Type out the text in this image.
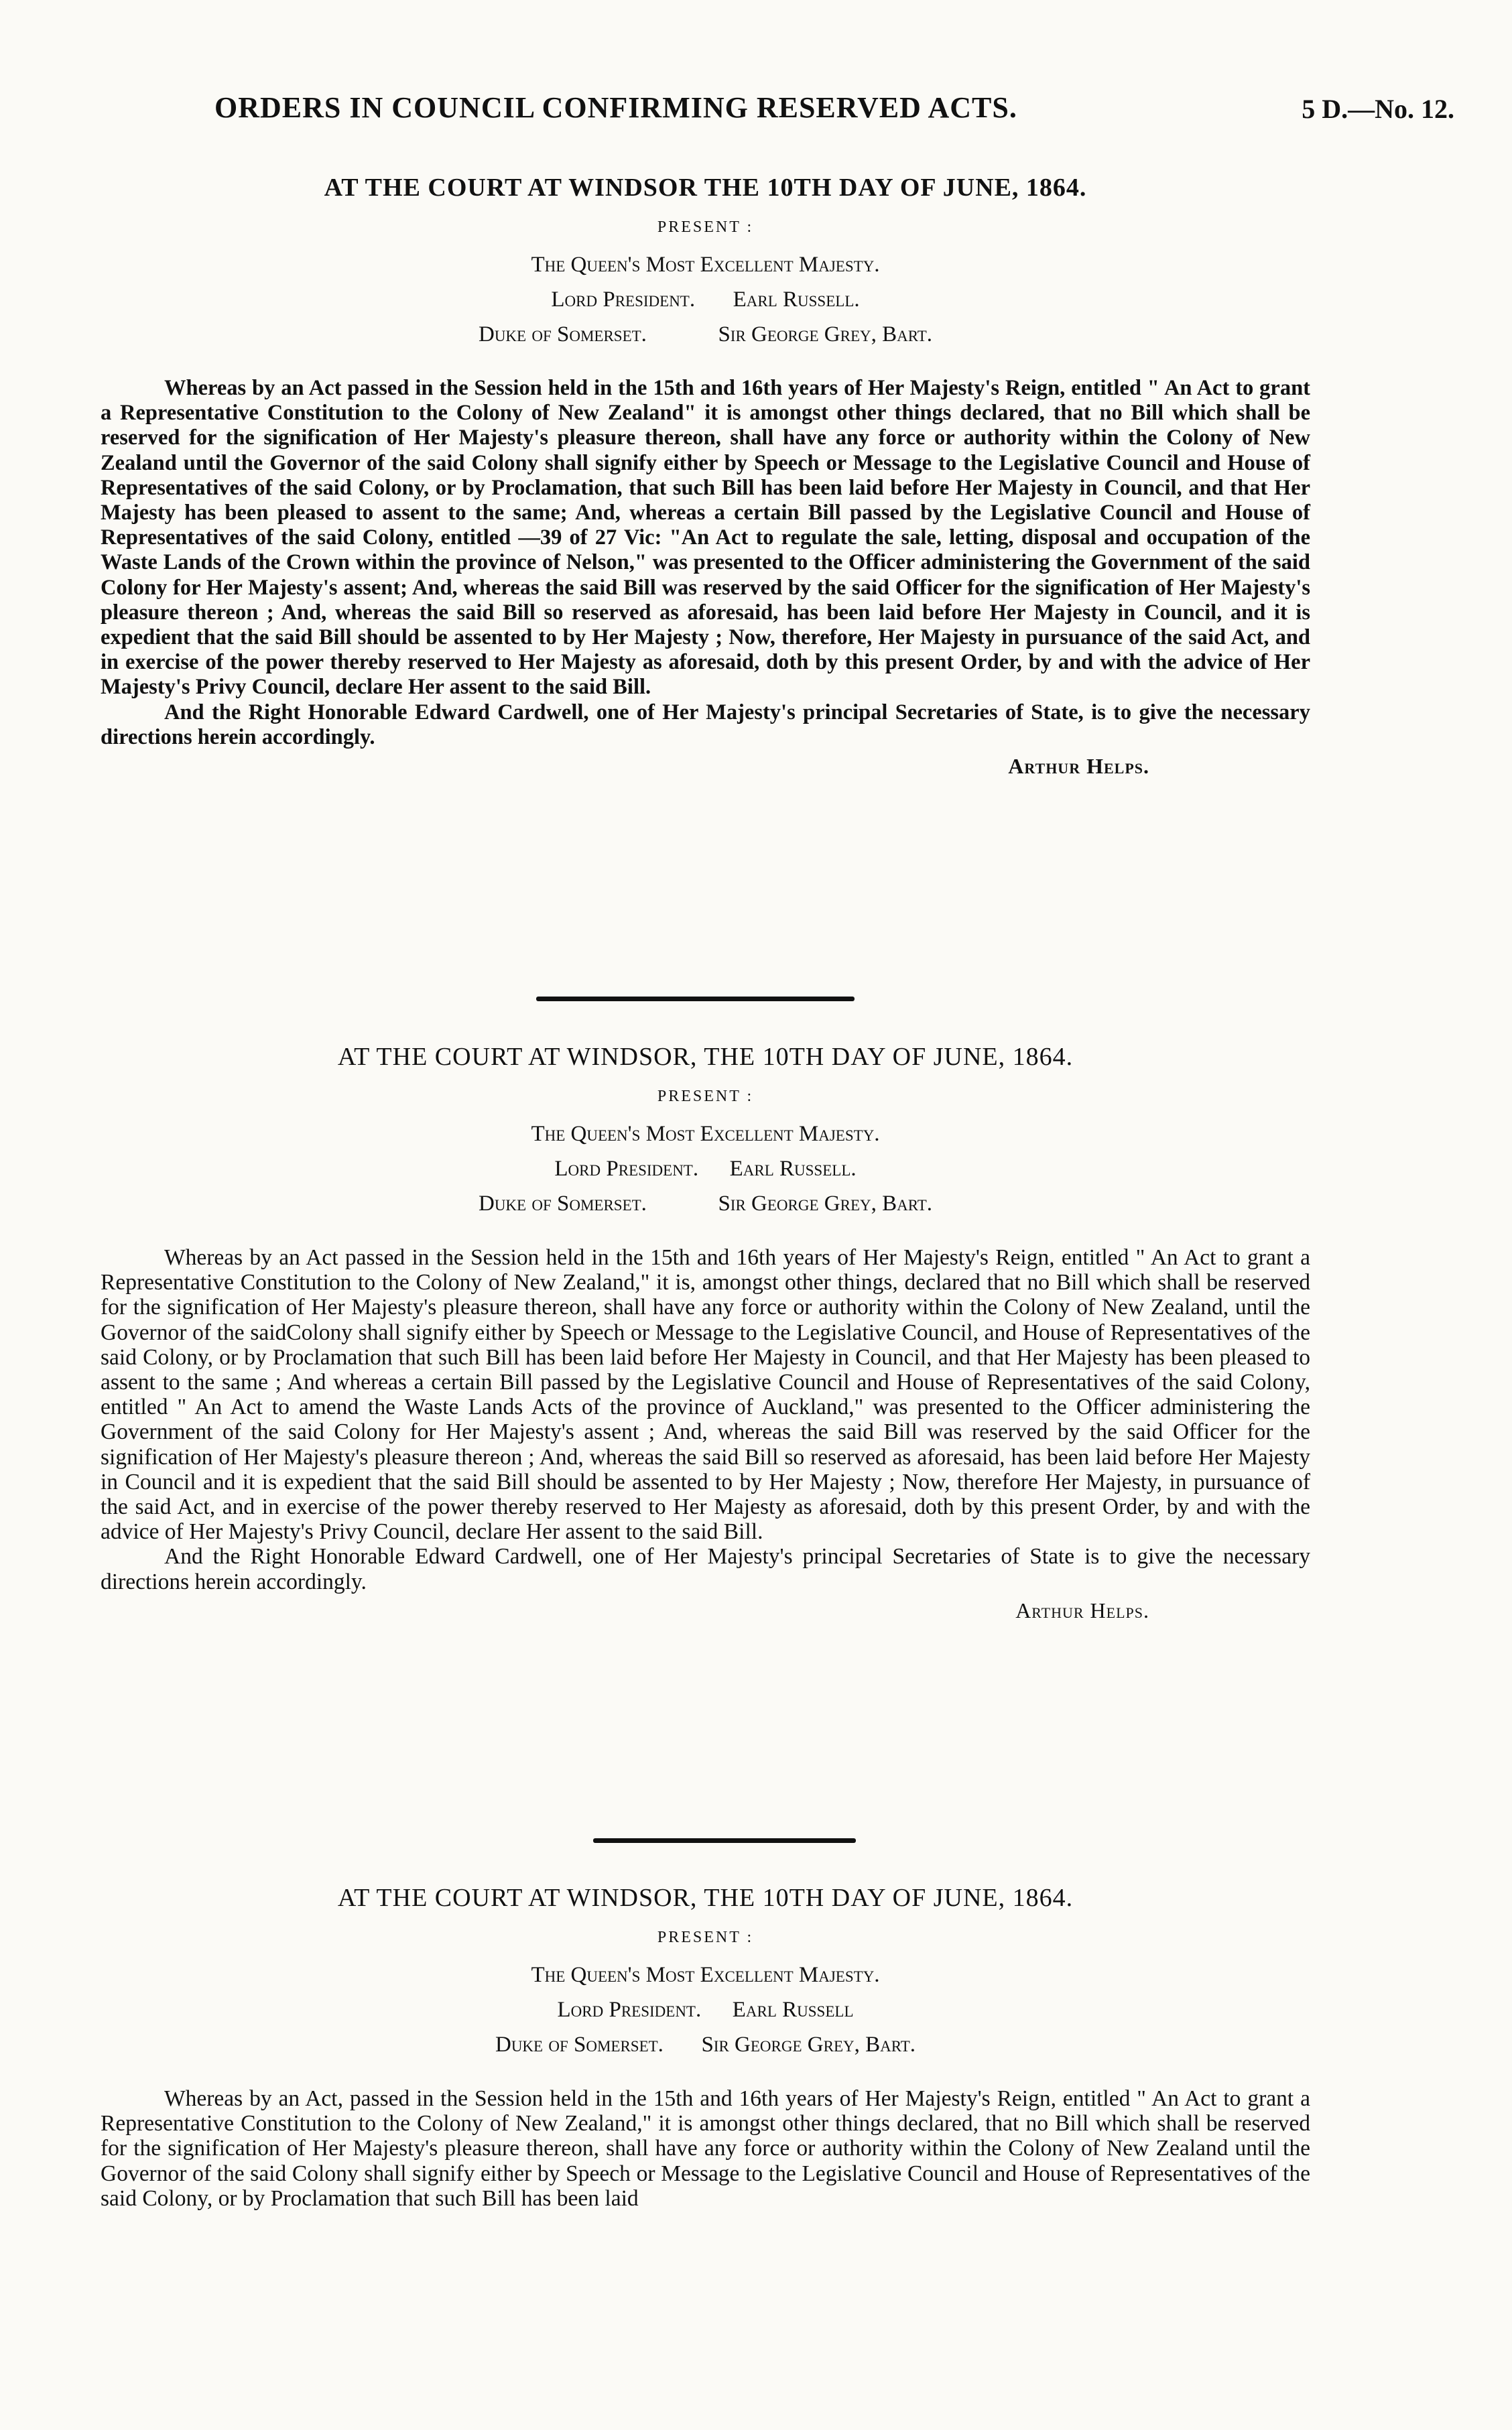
ORDERS IN COUNCIL CONFIRMING RESERVED ACTS.	5 D.—No. 12.

AT THE COURT AT WINDSOR THE 10TH DAY OF JUNE, 1864.

PRESENT :

The Queen's Most Excellent Majesty.

Lord President. Earl Russell.

Duke of Somerset.	Sir George Grey, Bart.

Whereas by an Act passed in the Session held in the 15th and 16th years of Her Majesty's Reign, entitled " An Act to grant a Representative Constitution to the Colony of New Zealand" it is amongst other things declared, that no Bill which shall be reserved for the signification of Her Majesty's pleasure thereon, shall have any force or authority within the Colony of New Zealand until the Governor of the said Colony shall signify either by Speech or Message to the Legislative Council and House of Representatives of the said Colony, or by Proclamation, that such Bill has been laid before Her Majesty in Council, and that Her Majesty has been pleased to assent to the same; And, whereas a certain Bill passed by the Legislative Council and House of Representatives of the said Colony, entitled —39 of 27 Vic: "An Act to regulate the sale, letting, disposal and occupation of the Waste Lands of the Crown within the province of Nelson," was presented to the Officer administering the Government of the said Colony for Her Majesty's assent; And, whereas the said Bill was reserved by the said Officer for the signification of Her Majesty's pleasure thereon ; And, whereas the said Bill so reserved as aforesaid, has been laid before Her Majesty in Council, and it is expedient that the said Bill should be assented to by Her Majesty ; Now, therefore, Her Majesty in pursuance of the said Act, and in exercise of the power thereby reserved to Her Majesty as aforesaid, doth by this present Order, by and with the advice of Her Majesty's Privy Council, declare Her assent to the said Bill.

And the Right Honorable Edward Cardwell, one of Her Majesty's principal Secretaries of State, is to give the necessary directions herein accordingly.

Arthur Helps.

AT THE COURT AT WINDSOR, THE 10TH DAY OF JUNE, 1864.

PRESENT :

The Queen's Most Excellent Majesty.

Lord President. Earl Russell.

Duke of Somerset.	Sir George Grey, Bart.

Whereas by an Act passed in the Session held in the 15th and 16th years of Her Majesty's Reign, entitled " An Act to grant a Representative Constitution to the Colony of New Zealand," it is, amongst other things, declared that no Bill which shall be reserved for the signification of Her Majesty's pleasure thereon, shall have any force or authority within the Colony of New Zealand, until the Governor of the saidColony shall signify either by Speech or Message to the Legislative Council, and House of Representatives of the said Colony, or by Proclamation that such Bill has been laid before Her Majesty in Council, and that Her Majesty has been pleased to assent to the same ; And whereas a certain Bill passed by the Legislative Council and House of Representatives of the said Colony, entitled " An Act to amend the Waste Lands Acts of the province of Auckland," was presented to the Officer administering the Government of the said Colony for Her Majesty's assent ; And, whereas the said Bill was reserved by the said Officer for the signification of Her Majesty's pleasure thereon ; And, whereas the said Bill so reserved as aforesaid, has been laid before Her Majesty in Council and it is expedient that the said Bill should be assented to by Her Majesty ; Now, therefore Her Majesty, in pursuance of the said Act, and in exercise of the power thereby reserved to Her Majesty as aforesaid, doth by this present Order, by and with the advice of Her Majesty's Privy Council, declare Her assent to the said Bill.

And the Right Honorable Edward Cardwell, one of Her Majesty's principal Secretaries of State is to give the necessary directions herein accordingly.

Arthur Helps.

AT THE COURT AT WINDSOR, THE 10TH DAY OF JUNE, 1864.

PRESENT :

The Queen's Most Excellent Majesty.

Lord President. Earl Russell

Duke of Somerset. Sir George Grey, Bart.

Whereas by an Act, passed in the Session held in the 15th and 16th years of Her Majesty's Reign, entitled " An Act to grant a Representative Constitution to the Colony of New Zealand," it is amongst other things declared, that no Bill which shall be reserved for the signification of Her Majesty's pleasure thereon, shall have any force or authority within the Colony of New Zealand until the Governor of the said Colony shall signify either by Speech or Message to the Legislative Council and House of Representatives of the said Colony, or by Proclamation that such Bill has been laid
